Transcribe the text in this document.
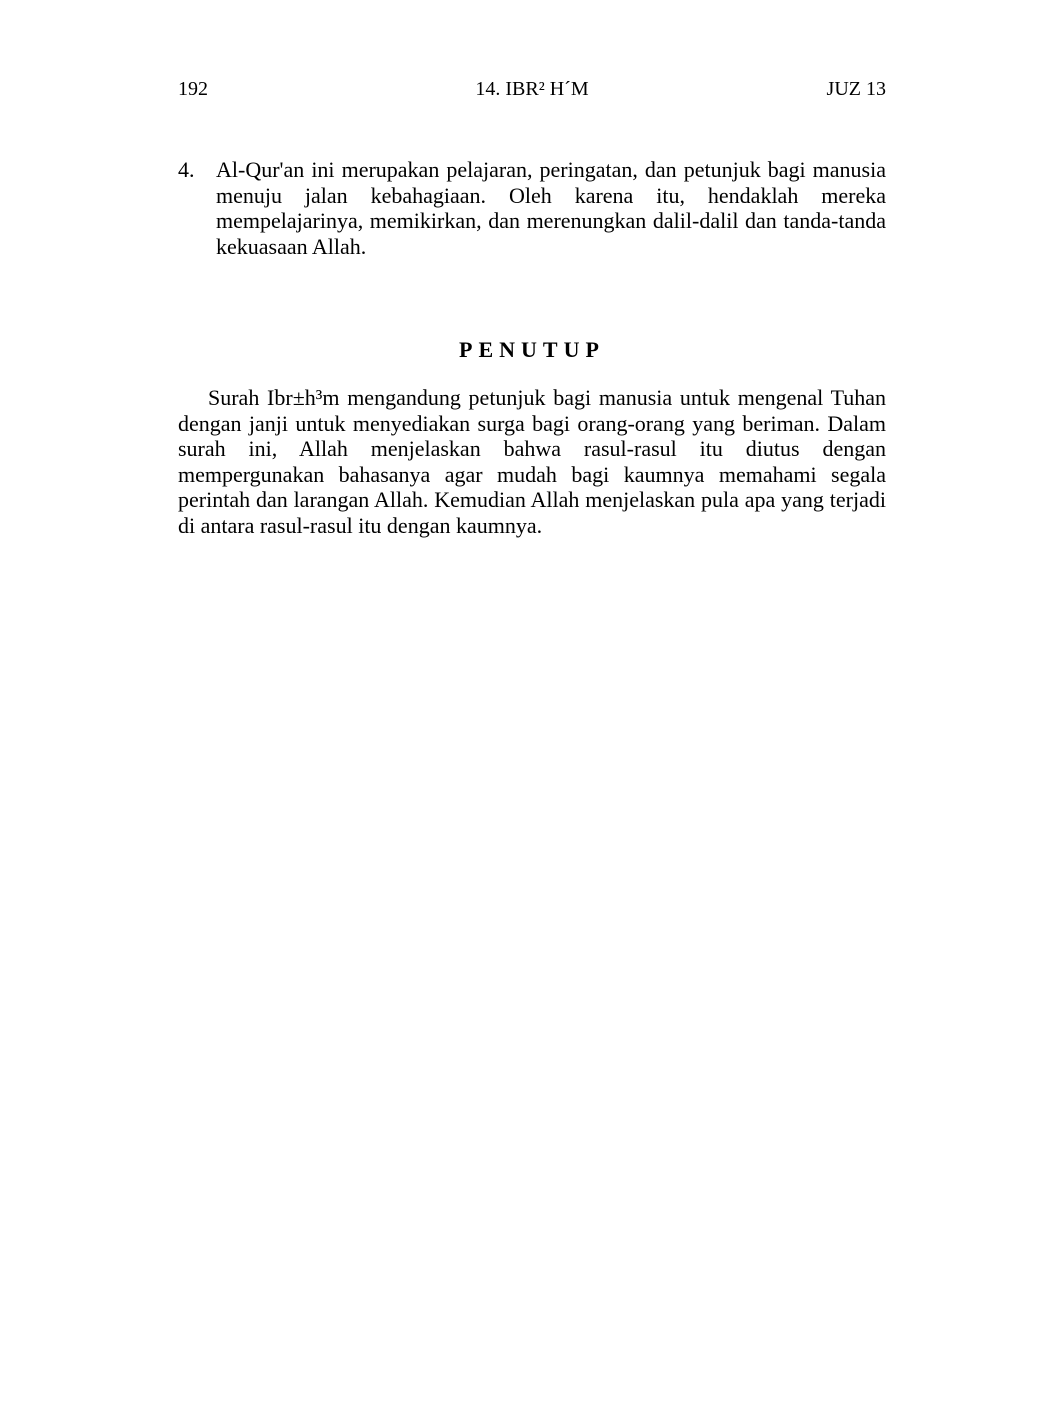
192	14. IBR² H´M	JUZ 13
4. Al-Qur'an ini merupakan pelajaran, peringatan, dan petunjuk bagi manusia menuju jalan kebahagiaan. Oleh karena itu, hendaklah mereka mempelajarinya, memikirkan, dan merenungkan dalil-dalil dan tanda-tanda kekuasaan Allah.
PENUTUP
Surah Ibr±h³m mengandung petunjuk bagi manusia untuk mengenal Tuhan dengan janji untuk menyediakan surga bagi orang-orang yang beriman. Dalam surah ini, Allah menjelaskan bahwa rasul-rasul itu diutus dengan mempergunakan bahasanya agar mudah bagi kaumnya memahami segala perintah dan larangan Allah. Kemudian Allah menjelaskan pula apa yang terjadi di antara rasul-rasul itu dengan kaumnya.
